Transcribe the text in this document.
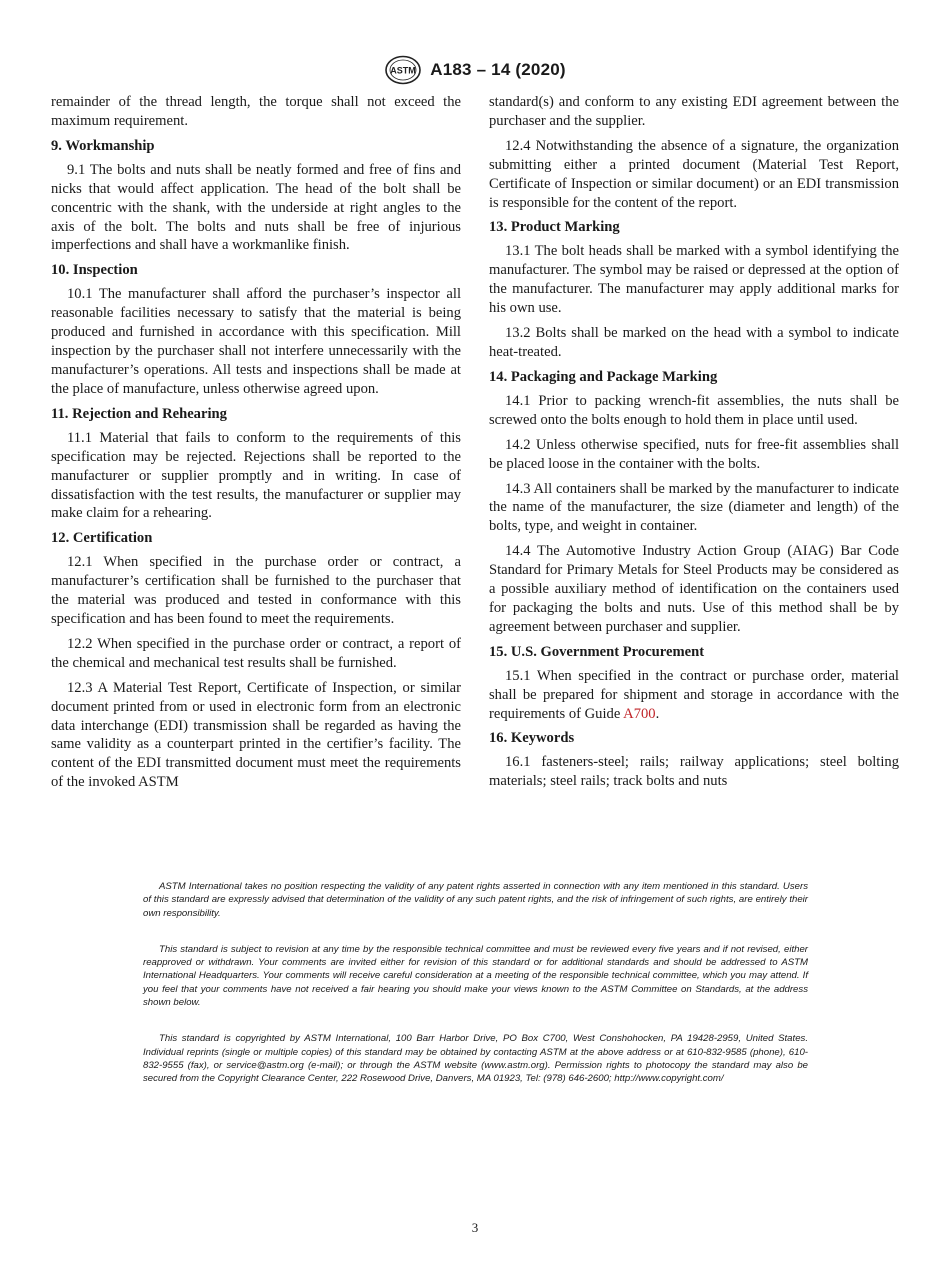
ASTM A183 – 14 (2020)

remainder of the thread length, the torque shall not exceed the maximum requirement.

9. Workmanship

9.1 The bolts and nuts shall be neatly formed and free of fins and nicks that would affect application. The head of the bolt shall be concentric with the shank, with the underside at right angles to the axis of the bolt. The bolts and nuts shall be free of injurious imperfections and shall have a workmanlike finish.

10. Inspection

10.1 The manufacturer shall afford the purchaser’s inspector all reasonable facilities necessary to satisfy that the material is being produced and furnished in accordance with this specification. Mill inspection by the purchaser shall not interfere unnecessarily with the manufacturer’s operations. All tests and inspections shall be made at the place of manufacture, unless otherwise agreed upon.

11. Rejection and Rehearing

11.1 Material that fails to conform to the requirements of this specification may be rejected. Rejections shall be reported to the manufacturer or supplier promptly and in writing. In case of dissatisfaction with the test results, the manufacturer or supplier may make claim for a rehearing.

12. Certification

12.1 When specified in the purchase order or contract, a manufacturer’s certification shall be furnished to the purchaser that the material was produced and tested in conformance with this specification and has been found to meet the requirements.

12.2 When specified in the purchase order or contract, a report of the chemical and mechanical test results shall be furnished.

12.3 A Material Test Report, Certificate of Inspection, or similar document printed from or used in electronic form from an electronic data interchange (EDI) transmission shall be regarded as having the same validity as a counterpart printed in the certifier’s facility. The content of the EDI transmitted document must meet the requirements of the invoked ASTM

standard(s) and conform to any existing EDI agreement between the purchaser and the supplier.

12.4 Notwithstanding the absence of a signature, the organization submitting either a printed document (Material Test Report, Certificate of Inspection or similar document) or an EDI transmission is responsible for the content of the report.

13. Product Marking

13.1 The bolt heads shall be marked with a symbol identifying the manufacturer. The symbol may be raised or depressed at the option of the manufacturer. The manufacturer may apply additional marks for his own use.

13.2 Bolts shall be marked on the head with a symbol to indicate heat-treated.

14. Packaging and Package Marking

14.1 Prior to packing wrench-fit assemblies, the nuts shall be screwed onto the bolts enough to hold them in place until used.

14.2 Unless otherwise specified, nuts for free-fit assemblies shall be placed loose in the container with the bolts.

14.3 All containers shall be marked by the manufacturer to indicate the name of the manufacturer, the size (diameter and length) of the bolts, type, and weight in container.

14.4 The Automotive Industry Action Group (AIAG) Bar Code Standard for Primary Metals for Steel Products may be considered as a possible auxiliary method of identification on the containers used for packaging the bolts and nuts. Use of this method shall be by agreement between purchaser and supplier.

15. U.S. Government Procurement

15.1 When specified in the contract or purchase order, material shall be prepared for shipment and storage in accordance with the requirements of Guide A700.

16. Keywords

16.1 fasteners-steel; rails; railway applications; steel bolting materials; steel rails; track bolts and nuts

ASTM International takes no position respecting the validity of any patent rights asserted in connection with any item mentioned in this standard. Users of this standard are expressly advised that determination of the validity of any such patent rights, and the risk of infringement of such rights, are entirely their own responsibility.

This standard is subject to revision at any time by the responsible technical committee and must be reviewed every five years and if not revised, either reapproved or withdrawn. Your comments are invited either for revision of this standard or for additional standards and should be addressed to ASTM International Headquarters. Your comments will receive careful consideration at a meeting of the responsible technical committee, which you may attend. If you feel that your comments have not received a fair hearing you should make your views known to the ASTM Committee on Standards, at the address shown below.

This standard is copyrighted by ASTM International, 100 Barr Harbor Drive, PO Box C700, West Conshohocken, PA 19428-2959, United States. Individual reprints (single or multiple copies) of this standard may be obtained by contacting ASTM at the above address or at 610-832-9585 (phone), 610-832-9555 (fax), or service@astm.org (e-mail); or through the ASTM website (www.astm.org). Permission rights to photocopy the standard may also be secured from the Copyright Clearance Center, 222 Rosewood Drive, Danvers, MA 01923, Tel: (978) 646-2600; http://www.copyright.com/

3
